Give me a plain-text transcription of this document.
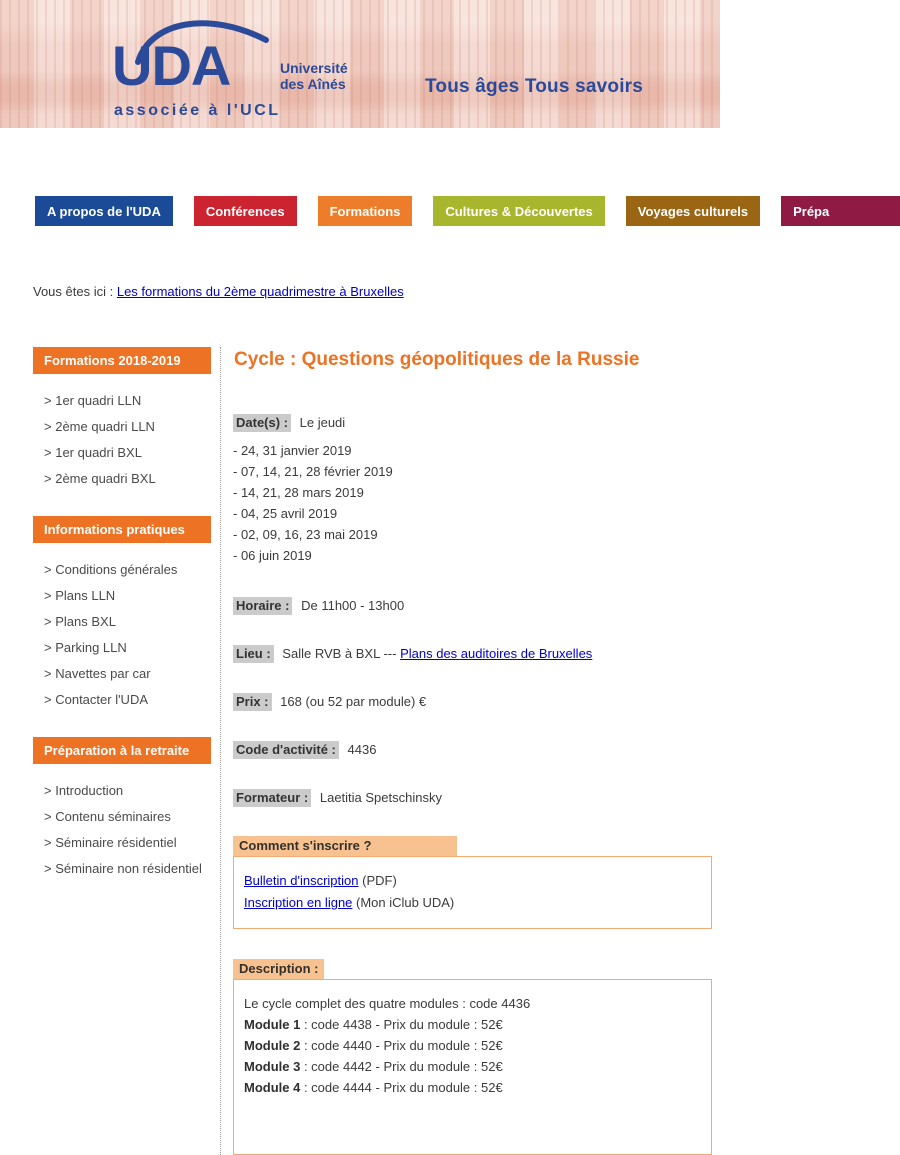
UDA	Université
des Aînés
associée à l'UCL
Tous âges Tous savoirs
A propos de l'UDA	Conférences	Formations	Cultures & Découvertes	Voyages culturels	Prépa
Vous êtes ici : Les formations du 2ème quadrimestre à Bruxelles
Formations 2018-2019
> 1er quadri LLN
> 2ème quadri LLN
> 1er quadri BXL
> 2ème quadri BXL
Informations pratiques
> Conditions générales
> Plans LLN
> Plans BXL
> Parking LLN
> Navettes par car
> Contacter l'UDA
Préparation à la retraite
> Introduction
> Contenu séminaires
> Séminaire résidentiel
> Séminaire non résidentiel
Cycle : Questions géopolitiques de la Russie
Date(s) : Le jeudi
- 24, 31 janvier 2019
- 07, 14, 21, 28 février 2019
- 14, 21, 28 mars 2019
- 04, 25 avril 2019
- 02, 09, 16, 23 mai 2019
- 06 juin 2019
Horaire : De 11h00 - 13h00
Lieu : Salle RVB à BXL --- Plans des auditoires de Bruxelles
Prix : 168 (ou 52 par module) €
Code d'activité : 4436
Formateur : Laetitia Spetschinsky
Comment s'inscrire ?
Bulletin d'inscription (PDF)
Inscription en ligne (Mon iClub UDA)
Description :
Le cycle complet des quatre modules : code 4436
Module 1 : code 4438 - Prix du module : 52€
Module 2 : code 4440 - Prix du module : 52€
Module 3 : code 4442 - Prix du module : 52€
Module 4 : code 4444 - Prix du module : 52€
